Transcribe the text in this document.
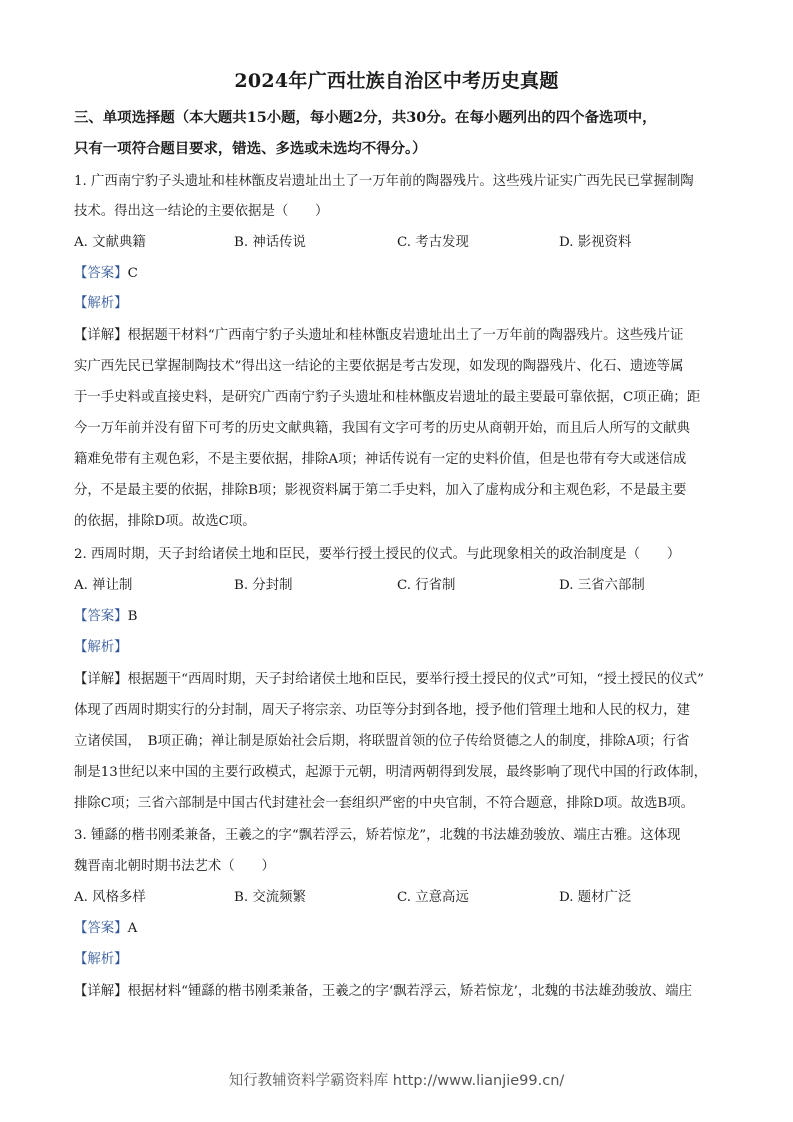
2024年广西壮族自治区中考历史真题
三、单项选择题（本大题共15小题，每小题2分，共30分。在每小题列出的四个备选项中，
只有一项符合题目要求，错选、多选或未选均不得分。）
1. 广西南宁豹子头遗址和桂林甑皮岩遗址出土了一万年前的陶器残片。这些残片证实广西先民已掌握制陶
技术。得出这一结论的主要依据是（　　）
A. 文献典籍	B. 神话传说	C. 考古发现	D. 影视资料
【答案】C
【解析】
【详解】根据题干材料“广西南宁豹子头遗址和桂林甑皮岩遗址出土了一万年前的陶器残片。这些残片证
实广西先民已掌握制陶技术”得出这一结论的主要依据是考古发现，如发现的陶器残片、化石、遗迹等属
于一手史料或直接史料，是研究广西南宁豹子头遗址和桂林甑皮岩遗址的最主要最可靠依据，C项正确；距
今一万年前并没有留下可考的历史文献典籍，我国有文字可考的历史从商朝开始，而且后人所写的文献典
籍难免带有主观色彩，不是主要依据，排除A项；神话传说有一定的史料价值，但是也带有夸大或迷信成
分，不是最主要的依据，排除B项；影视资料属于第二手史料，加入了虚构成分和主观色彩，不是最主要
的依据，排除D项。故选C项。
2. 西周时期，天子封给诸侯土地和臣民，要举行授土授民的仪式。与此现象相关的政治制度是（　　）
A. 禅让制	B. 分封制	C. 行省制	D. 三省六部制
【答案】B
【解析】
【详解】根据题干“西周时期，天子封给诸侯土地和臣民，要举行授土授民的仪式”可知，“授土授民的仪式”
体现了西周时期实行的分封制，周天子将宗亲、功臣等分封到各地，授予他们管理土地和人民的权力，建
立诸侯国，　B项正确；禅让制是原始社会后期，将联盟首领的位子传给贤德之人的制度，排除A项；行省
制是13世纪以来中国的主要行政模式，起源于元朝，明清两朝得到发展，最终影响了现代中国的行政体制，
排除C项；三省六部制是中国古代封建社会一套组织严密的中央官制，不符合题意，排除D项。故选B项。
3. 锺繇的楷书刚柔兼备，王羲之的字“飘若浮云，矫若惊龙”，北魏的书法雄劲骏放、端庄古雅。这体现
魏晋南北朝时期书法艺术（　　）
A. 风格多样	B. 交流频繁	C. 立意高远	D. 题材广泛
【答案】A
【解析】
【详解】根据材料“锺繇的楷书刚柔兼备，王羲之的字‘飘若浮云，矫若惊龙’，北魏的书法雄劲骏放、端庄
知行教辅资料学霸资料库 http://www.lianjie99.cn/
